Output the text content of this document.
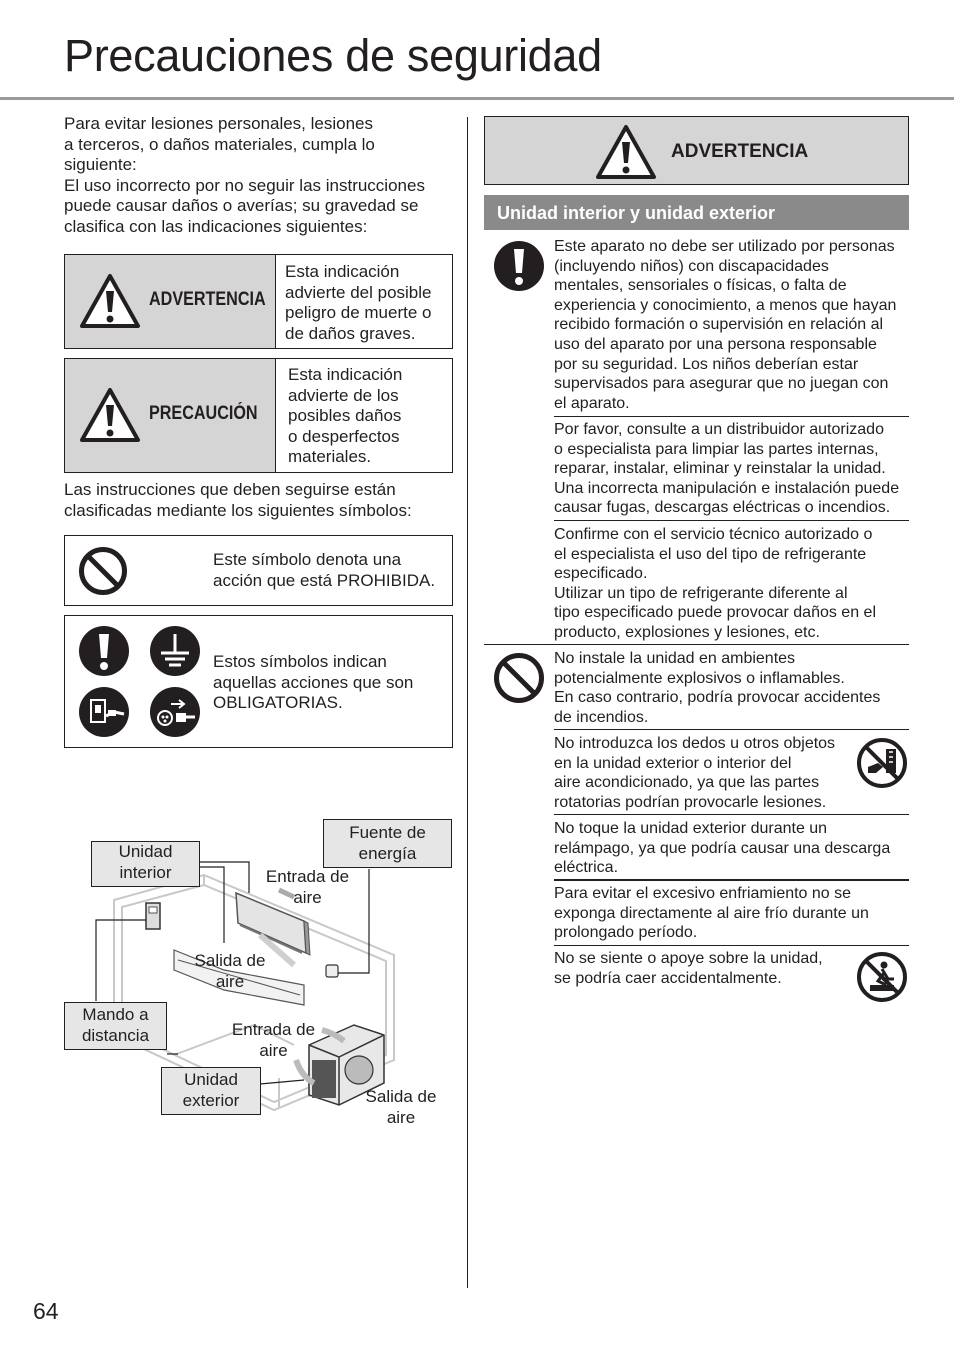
Precauciones de seguridad
Para evitar lesiones personales, lesiones
a terceros, o daños materiales, cumpla lo
siguiente:
El uso incorrecto por no seguir las instrucciones
puede causar daños o averías; su gravedad se
clasifica con las indicaciones siguientes:
ADVERTENCIA
Esta indicación
advierte del posible
peligro de muerte o
de daños graves.
PRECAUCIÓN
Esta indicación
advierte de los
posibles daños
o desperfectos
materiales.
Las instrucciones que deben seguirse están
clasificadas mediante los siguientes símbolos:
Este símbolo denota una
acción que está PROHIBIDA.
Estos símbolos indican
aquellas acciones que son
OBLIGATORIAS.
Unidad
interior
Fuente de
energía
Entrada de
aire
Salida de
aire
Mando a
distancia	Entrada de
aire
Unidad
exterior	Salida de
aire
ADVERTENCIA
Unidad interior y unidad exterior
Este aparato no debe ser utilizado por personas
(incluyendo niños) con discapacidades
mentales, sensoriales o físicas, o falta de
experiencia y conocimiento, a menos que hayan
recibido formación o supervisión en relación al
uso del aparato por una persona responsable
por su seguridad. Los niños deberían estar
supervisados para asegurar que no juegan con
el aparato.
Por favor, consulte a un distribuidor autorizado
o especialista para limpiar las partes internas,
reparar, instalar, eliminar y reinstalar la unidad.
Una incorrecta manipulación e instalación puede
causar fugas, descargas eléctricas o incendios.
Confirme con el servicio técnico autorizado o
el especialista el uso del tipo de refrigerante
especificado.
Utilizar un tipo de refrigerante diferente al
tipo especificado puede provocar daños en el
producto, explosiones y lesiones, etc.
No instale la unidad en ambientes
potencialmente explosivos o inflamables.
En caso contrario, podría provocar accidentes
de incendios.
No introduzca los dedos u otros objetos
en la unidad exterior o interior del
aire acondicionado, ya que las partes
rotatorias podrían provocarle lesiones.
No toque la unidad exterior durante un
relámpago, ya que podría causar una descarga
eléctrica.
Para evitar el excesivo enfriamiento no se
exponga directamente al aire frío durante un
prolongado período.
No se siente o apoye sobre la unidad,
se podría caer accidentalmente.
64
